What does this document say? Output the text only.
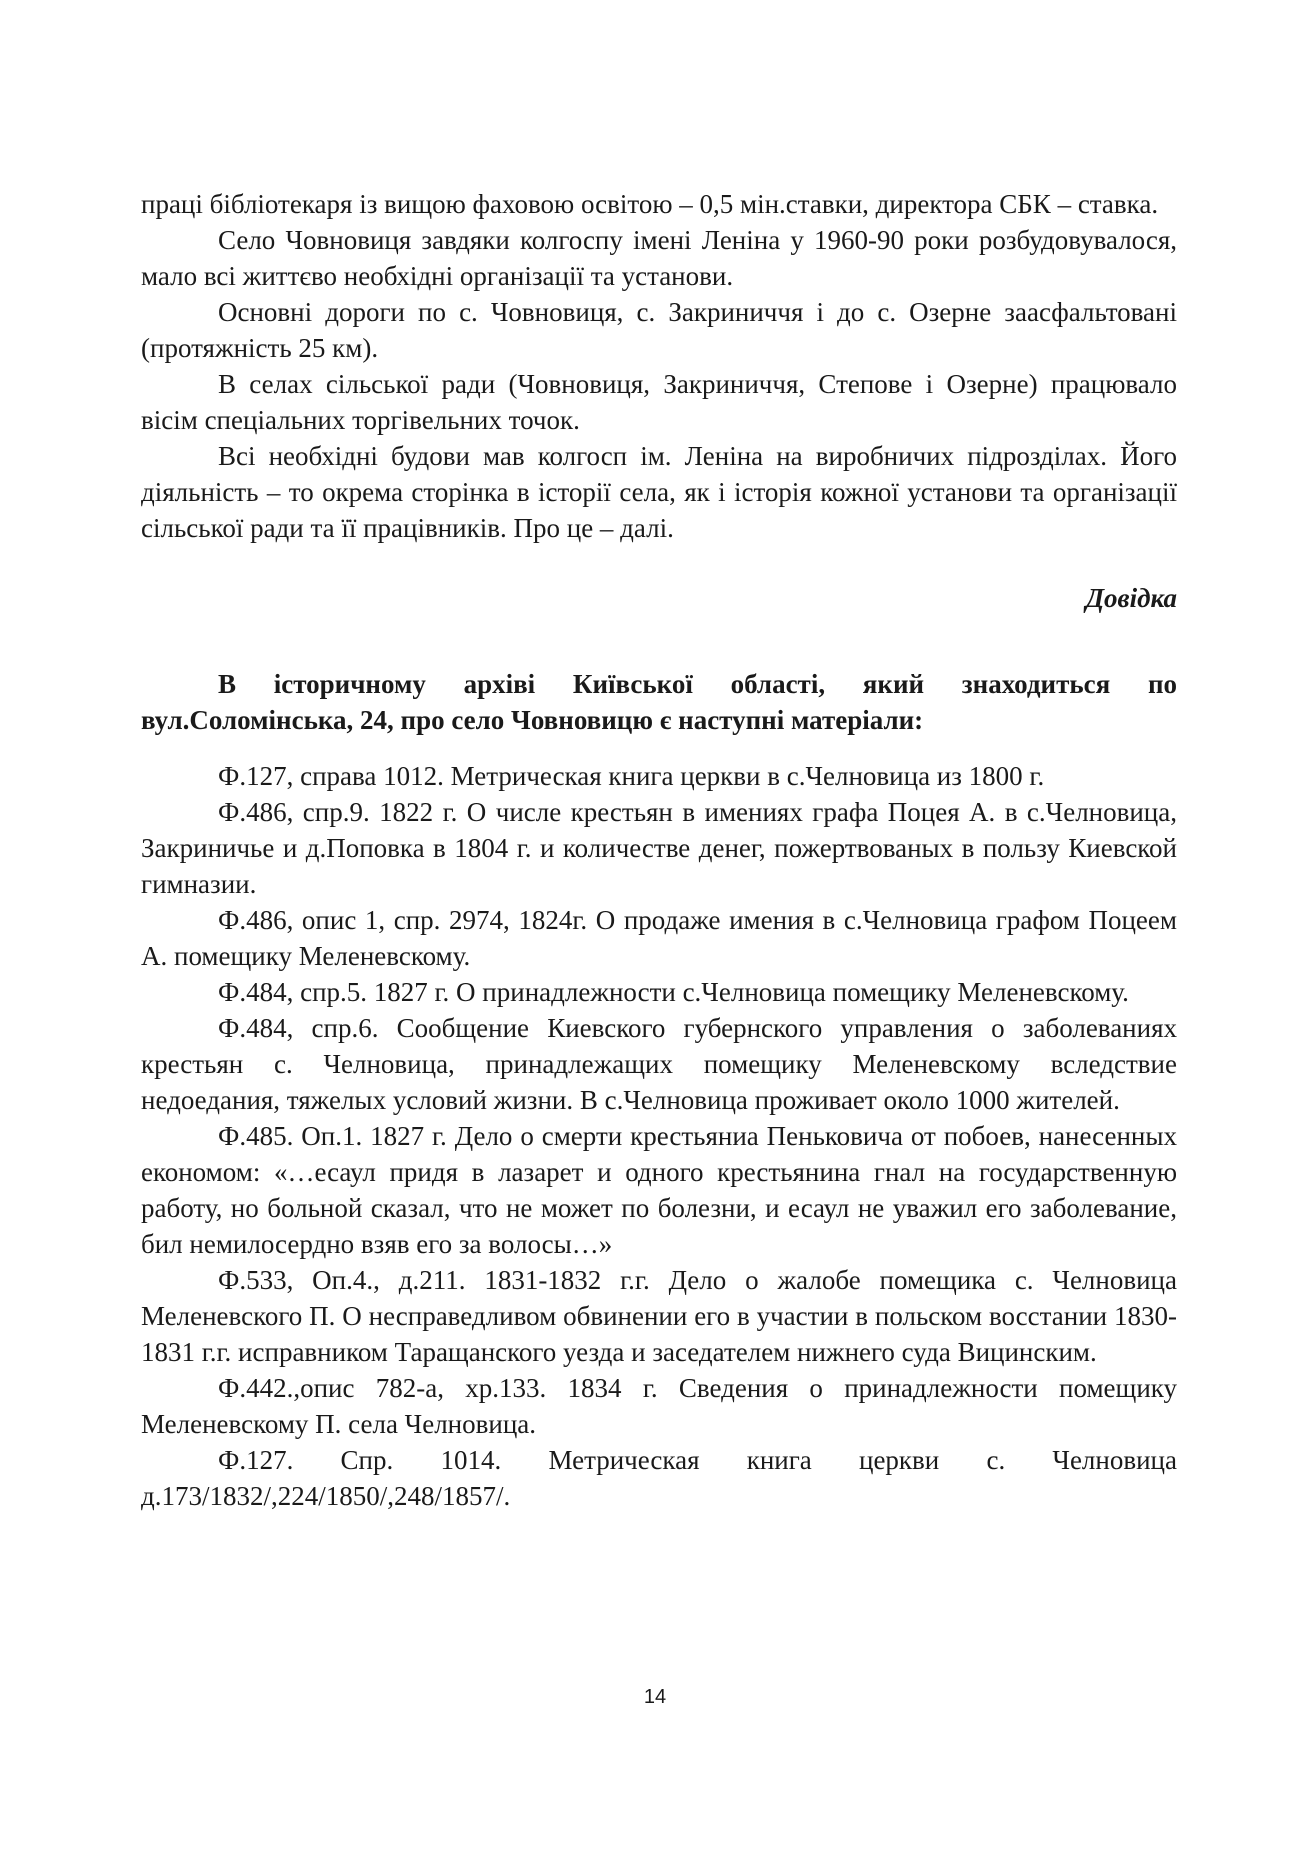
праці бібліотекаря із вищою фаховою освітою – 0,5 мін.ставки, директора СБК – ставка.

Село Човновиця завдяки колгоспу імені Леніна у 1960-90 роки розбудовувалося, мало всі життєво необхідні організації та установи.

Основні дороги по с. Човновиця, с. Закриниччя і до с. Озерне заасфальтовані (протяжність 25 км).

В селах сільської ради (Човновиця, Закриниччя, Степове і Озерне) працювало вісім спеціальних торгівельних точок.

Всі необхідні будови мав колгосп ім. Леніна на виробничих підрозділах. Його діяльність – то окрема сторінка в історії села, як і історія кожної установи та організації сільської ради та її працівників. Про це – далі.

Довідка

В історичному архіві Київської області, який знаходиться по вул.Соломінська, 24, про село Човновицю є наступні матеріали:

Ф.127, справа 1012. Метрическая книга церкви в с.Челновица из 1800 г.

Ф.486, спр.9. 1822 г. О числе крестьян в имениях графа Поцея А. в с.Челновица, Закриничье и д.Поповка в 1804 г. и количестве денег, пожертвованых в пользу Киевской гимназии.

Ф.486, опис 1, спр. 2974, 1824г. О продаже имения в с.Челновица графом Поцеем А. помещику Меленевскому.

Ф.484, спр.5. 1827 г. О принадлежности с.Челновица помещику Меленевскому.

Ф.484, спр.6. Сообщение Киевского губернского управления о заболеваниях крестьян с. Челновица, принадлежащих помещику Меленевскому вследствие недоедания, тяжелых условий жизни. В с.Челновица проживает около 1000 жителей.

Ф.485. Оп.1. 1827 г. Дело о смерти крестьяниа Пеньковича от побоев, нанесенных економом: «…есаул придя в лазарет и одного крестьянина гнал на государственную работу, но больной сказал, что не может по болезни, и есаул не уважил его заболевание, бил немилосердно взяв его за волосы…»

Ф.533, Оп.4., д.211. 1831-1832 г.г. Дело о жалобе помещика с. Челновица Меленевского П. О несправедливом обвинении его в участии в польском восстании 1830-1831 г.г. исправником Таращанского уезда и заседателем нижнего суда Вицинским.

Ф.442.,опис 782-а, хр.133. 1834 г. Сведения о принадлежности помещику Меленевскому П. села Челновица.

Ф.127. Спр. 1014. Метрическая книга церкви с. Челновица д.173/1832/,224/1850/,248/1857/.

14
